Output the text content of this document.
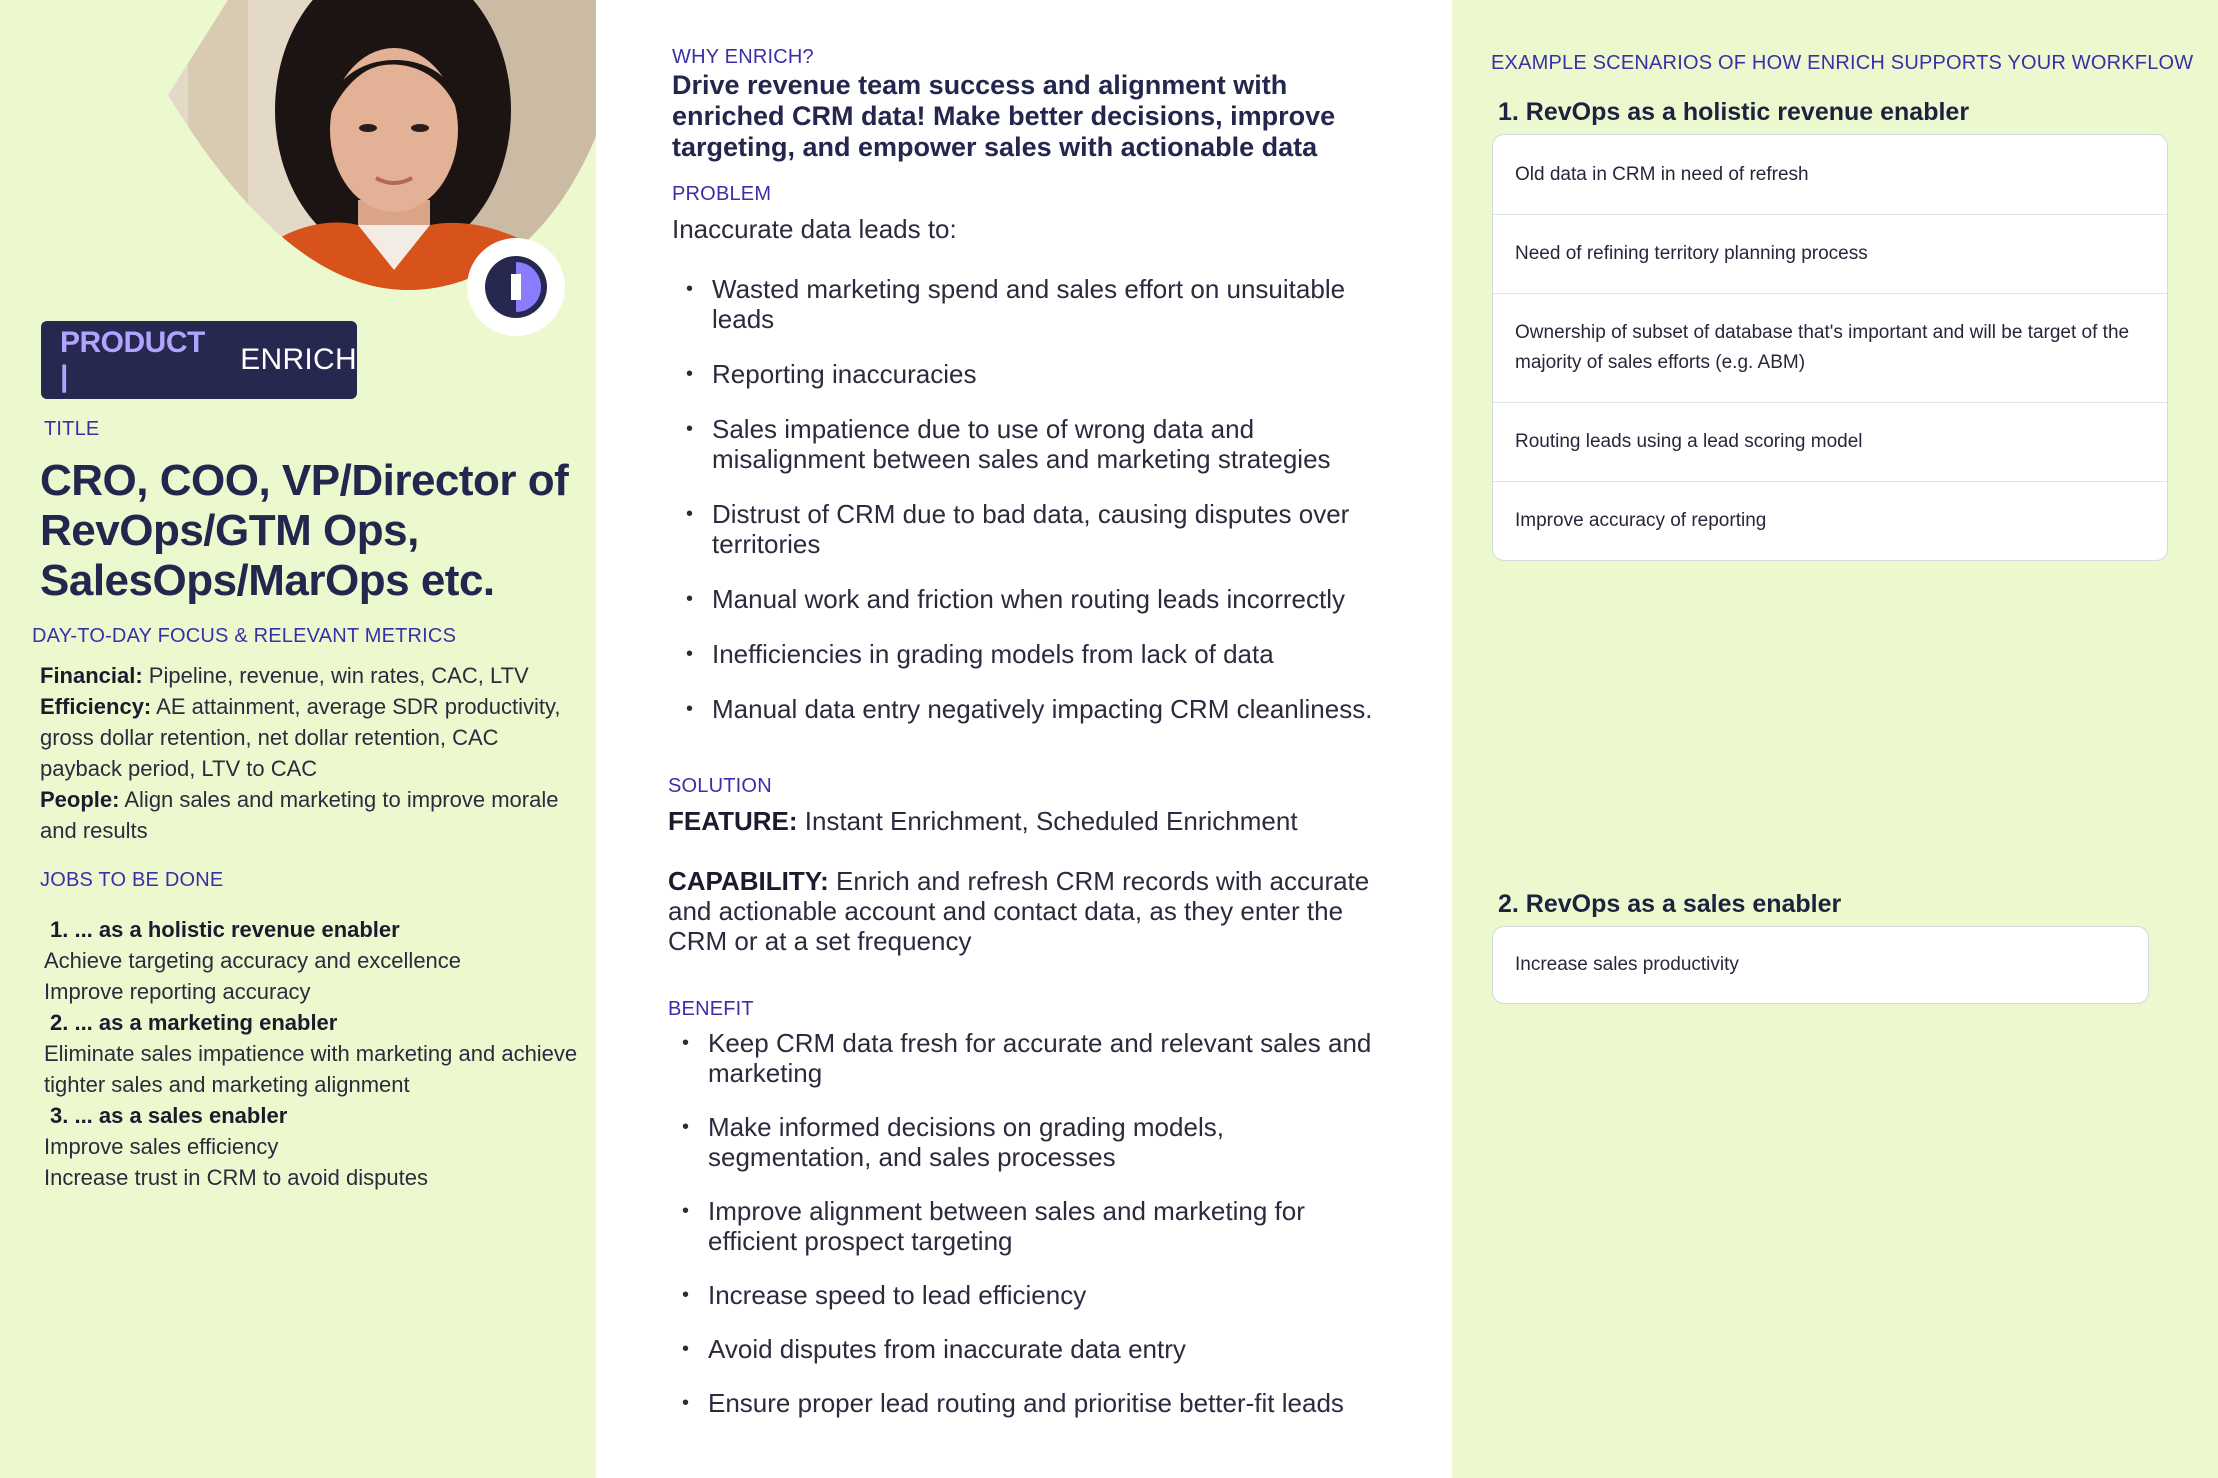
PRODUCT |
ENRICH
TITLE
CRO, COO, VP/Director of RevOps/GTM Ops, SalesOps/MarOps etc.
DAY-TO-DAY FOCUS & RELEVANT METRICS
Financial: Pipeline, revenue, win rates, CAC, LTV
Efficiency: AE attainment, average SDR productivity, gross dollar retention, net dollar retention, CAC payback period, LTV to CAC
People: Align sales and marketing to improve morale and results
JOBS TO BE DONE
1. ... as a holistic revenue enabler
Achieve targeting accuracy and excellence
Improve reporting accuracy
2. ... as a marketing enabler
Eliminate sales impatience with marketing and achieve tighter sales and marketing alignment
3. ... as a sales enabler
Improve sales efficiency
Increase trust in CRM to avoid disputes
WHY ENRICH?
Drive revenue team success and alignment with enriched CRM data! Make better decisions, improve targeting, and empower sales with actionable data
PROBLEM
Inaccurate data leads to:
• Wasted marketing spend and sales effort on unsuitable leads
• Reporting inaccuracies
• Sales impatience due to use of wrong data and misalignment between sales and marketing strategies
• Distrust of CRM due to bad data, causing disputes over territories
• Manual work and friction when routing leads incorrectly
• Inefficiencies in grading models from lack of data
• Manual data entry negatively impacting CRM cleanliness.
SOLUTION
FEATURE: Instant Enrichment, Scheduled Enrichment
CAPABILITY: Enrich and refresh CRM records with accurate and actionable account and contact data, as they enter the CRM or at a set frequency
BENEFIT
• Keep CRM data fresh for accurate and relevant sales and marketing
• Make informed decisions on grading models, segmentation, and sales processes
• Improve alignment between sales and marketing for efficient prospect targeting
• Increase speed to lead efficiency
• Avoid disputes from inaccurate data entry
• Ensure proper lead routing and prioritise better-fit leads
EXAMPLE SCENARIOS OF HOW ENRICH SUPPORTS YOUR WORKFLOW
1. RevOps as a holistic revenue enabler
Old data in CRM in need of refresh
Need of refining territory planning process
Ownership of subset of database that's important and will be target of the majority of sales efforts (e.g. ABM)
Routing leads using a lead scoring model
Improve accuracy of reporting
2. RevOps as a sales enabler
Increase sales productivity
